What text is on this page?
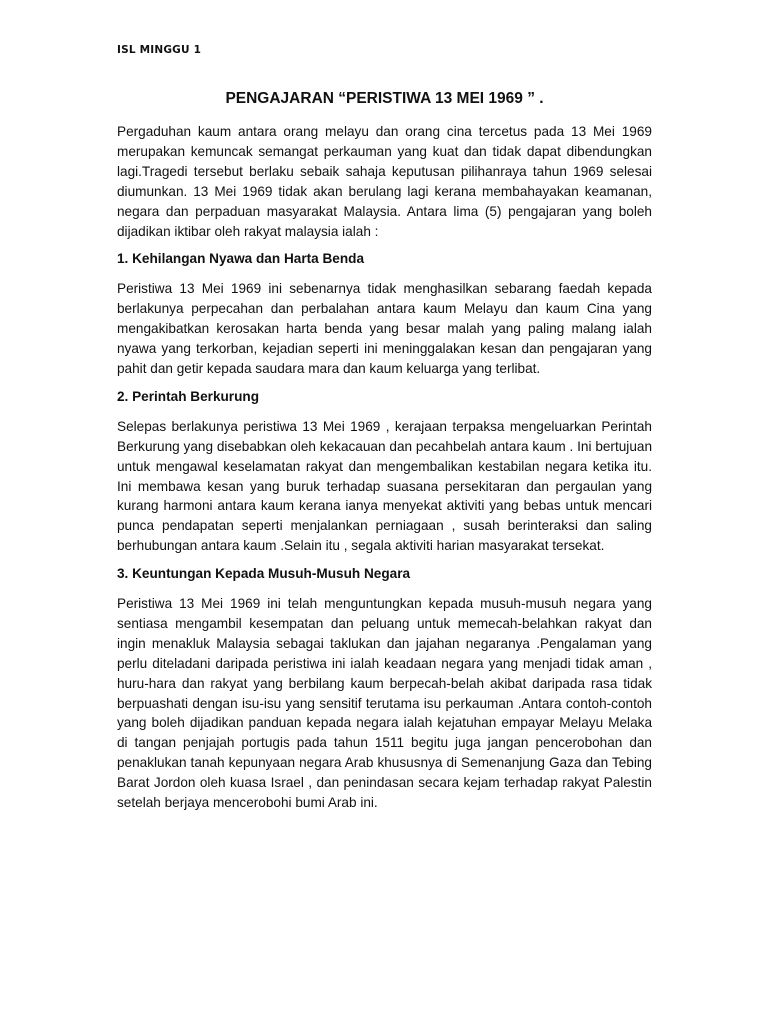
ISL MINGGU 1
PENGAJARAN “PERISTIWA 13 MEI 1969 ” .

Pergaduhan kaum antara orang melayu dan orang cina tercetus pada 13 Mei 1969 merupakan kemuncak semangat perkauman yang kuat dan tidak dapat dibendungkan lagi.Tragedi tersebut berlaku sebaik sahaja keputusan pilihanraya tahun 1969 selesai diumunkan. 13 Mei 1969 tidak akan berulang lagi kerana membahayakan keamanan, negara dan perpaduan masyarakat Malaysia. Antara lima (5) pengajaran yang boleh dijadikan iktibar oleh rakyat malaysia ialah :

1. Kehilangan Nyawa dan Harta Benda

Peristiwa 13 Mei 1969 ini sebenarnya tidak menghasilkan sebarang faedah kepada berlakunya perpecahan dan perbalahan antara kaum Melayu dan kaum Cina yang mengakibatkan kerosakan harta benda yang besar malah yang paling malang ialah nyawa yang terkorban, kejadian seperti ini meninggalakan kesan dan pengajaran yang pahit dan getir kepada saudara mara dan kaum keluarga yang terlibat.

2. Perintah Berkurung

Selepas berlakunya peristiwa 13 Mei 1969 , kerajaan terpaksa mengeluarkan Perintah Berkurung yang disebabkan oleh kekacauan dan pecahbelah antara kaum . Ini bertujuan untuk mengawal keselamatan rakyat dan mengembalikan kestabilan negara ketika itu. Ini membawa kesan yang buruk terhadap suasana persekitaran dan pergaulan yang kurang harmoni antara kaum kerana ianya menyekat aktiviti yang bebas untuk mencari punca pendapatan seperti menjalankan perniagaan , susah berinteraksi dan saling berhubungan antara kaum .Selain itu , segala aktiviti harian masyarakat tersekat.

3. Keuntungan Kepada Musuh-Musuh Negara

Peristiwa 13 Mei 1969 ini telah menguntungkan kepada musuh-musuh negara yang sentiasa mengambil kesempatan dan peluang untuk memecah-belahkan rakyat dan ingin menakluk Malaysia sebagai taklukan dan jajahan negaranya .Pengalaman yang perlu diteladani daripada peristiwa ini ialah keadaan negara yang menjadi tidak aman , huru-hara dan rakyat yang berbilang kaum berpecah-belah akibat daripada rasa tidak berpuashati dengan isu-isu yang sensitif terutama isu perkauman .Antara contoh-contoh yang boleh dijadikan panduan kepada negara ialah kejatuhan empayar Melayu Melaka di tangan penjajah portugis pada tahun 1511 begitu juga jangan pencerobohan dan penaklukan tanah kepunyaan negara Arab khususnya di Semenanjung Gaza dan Tebing Barat Jordon oleh kuasa Israel , dan penindasan secara kejam terhadap rakyat Palestin setelah berjaya mencerobohi bumi Arab ini.
